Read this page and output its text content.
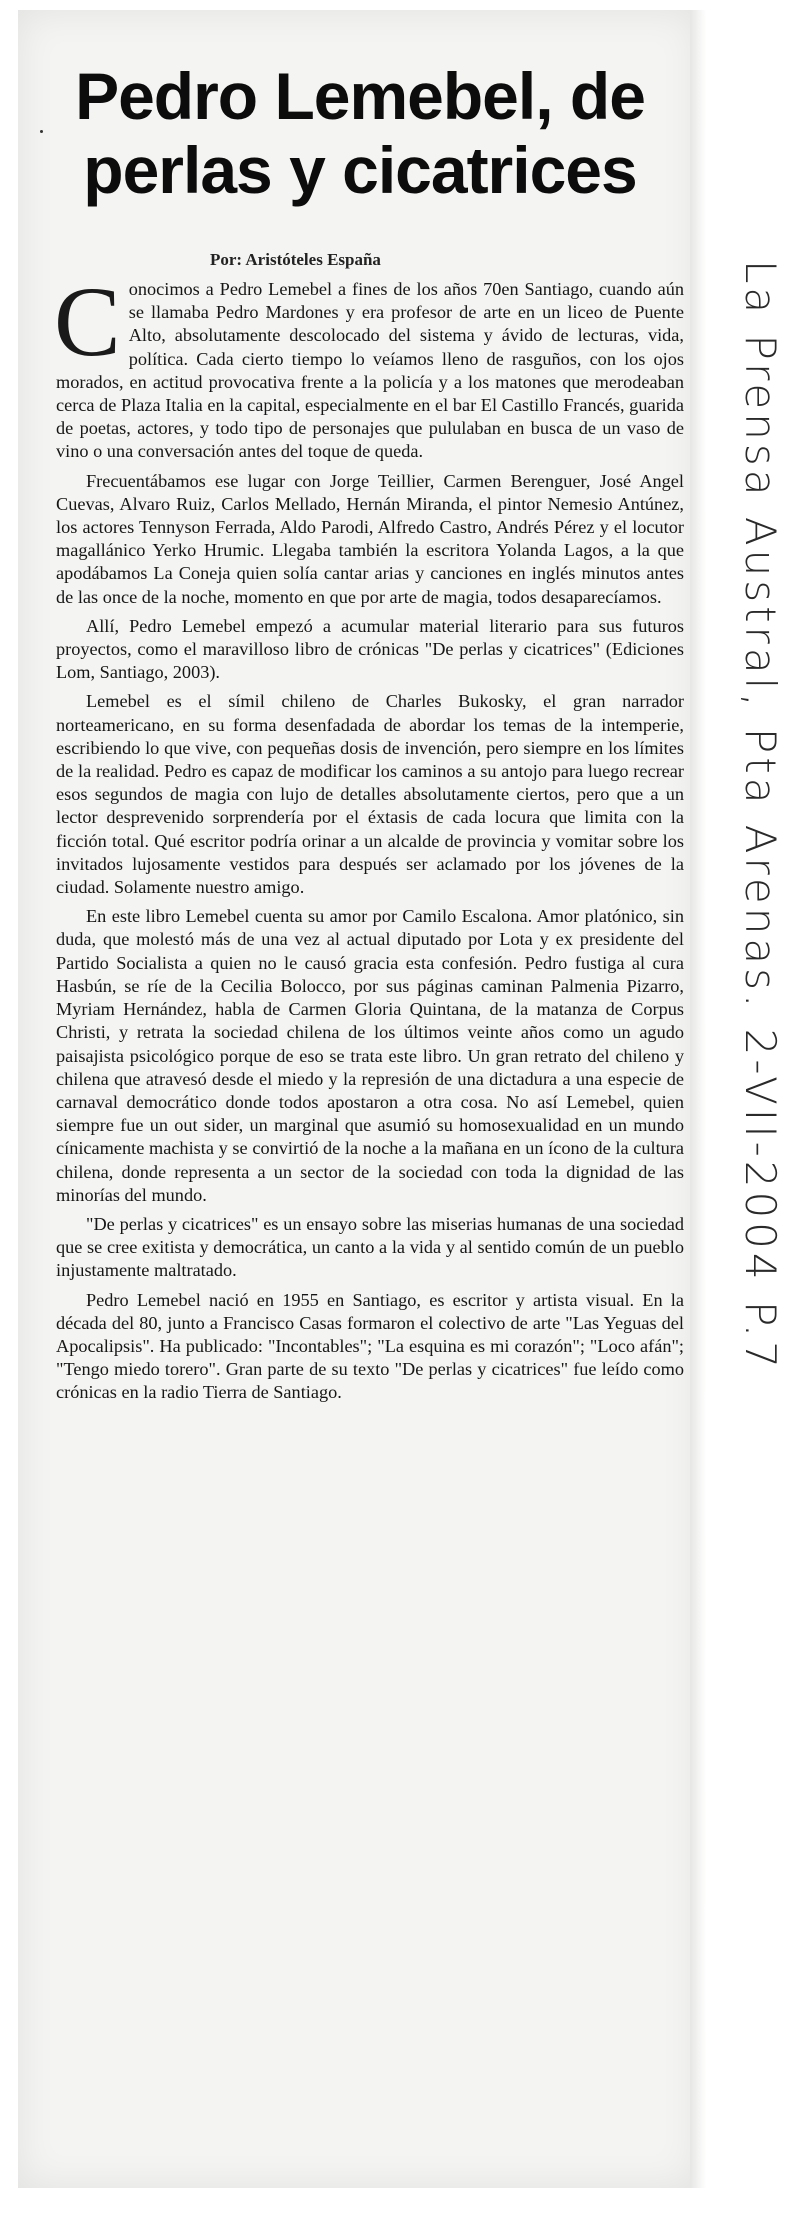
Pedro Lemebel, de perlas y cicatrices

Por: Aristóteles España

Conocimos a Pedro Lemebel a fines de los años 70en Santiago, cuando aún se llamaba Pedro Mardones y era profesor de arte en un liceo de Puente Alto, absolutamente descolocado del sistema y ávido de lecturas, vida, política. Cada cierto tiempo lo veíamos lleno de rasguños, con los ojos morados, en actitud provocativa frente a la policía y a los matones que merodeaban cerca de Plaza Italia en la capital, especialmente en el bar El Castillo Francés, guarida de poetas, actores, y todo tipo de personajes que pululaban en busca de un vaso de vino o una conversación antes del toque de queda.

Frecuentábamos ese lugar con Jorge Teillier, Carmen Berenguer, José Angel Cuevas, Alvaro Ruiz, Carlos Mellado, Hernán Miranda, el pintor Nemesio Antúnez, los actores Tennyson Ferrada, Aldo Parodi, Alfredo Castro, Andrés Pérez y el locutor magallánico Yerko Hrumic. Llegaba también la escritora Yolanda Lagos, a la que apodábamos La Coneja quien solía cantar arias y canciones en inglés minutos antes de las once de la noche, momento en que por arte de magia, todos desaparecíamos.

Allí, Pedro Lemebel empezó a acumular material literario para sus futuros proyectos, como el maravilloso libro de crónicas "De perlas y cicatrices" (Ediciones Lom, Santiago, 2003).

Lemebel es el símil chileno de Charles Bukosky, el gran narrador norteamericano, en su forma desenfadada de abordar los temas de la intemperie, escribiendo lo que vive, con pequeñas dosis de invención, pero siempre en los límites de la realidad. Pedro es capaz de modificar los caminos a su antojo para luego recrear esos segundos de magia con lujo de detalles absolutamente ciertos, pero que a un lector desprevenido sorprendería por el éxtasis de cada locura que limita con la ficción total. Qué escritor podría orinar a un alcalde de provincia y vomitar sobre los invitados lujosamente vestidos para después ser aclamado por los jóvenes de la ciudad. Solamente nuestro amigo.

En este libro Lemebel cuenta su amor por Camilo Escalona. Amor platónico, sin duda, que molestó más de una vez al actual diputado por Lota y ex presidente del Partido Socialista a quien no le causó gracia esta confesión. Pedro fustiga al cura Hasbún, se ríe de la Cecilia Bolocco, por sus páginas caminan Palmenia Pizarro, Myriam Hernández, habla de Carmen Gloria Quintana, de la matanza de Corpus Christi, y retrata la sociedad chilena de los últimos veinte años como un agudo paisajista psicológico porque de eso se trata este libro. Un gran retrato del chileno y chilena que atravesó desde el miedo y la represión de una dictadura a una especie de carnaval democrático donde todos apostaron a otra cosa. No así Lemebel, quien siempre fue un out sider, un marginal que asumió su homosexualidad en un mundo cínicamente machista y se convirtió de la noche a la mañana en un ícono de la cultura chilena, donde representa a un sector de la sociedad con toda la dignidad de las minorías del mundo.

"De perlas y cicatrices" es un ensayo sobre las miserias humanas de una sociedad que se cree exitista y democrática, un canto a la vida y al sentido común de un pueblo injustamente maltratado.

Pedro Lemebel nació en 1955 en Santiago, es escritor y artista visual. En la década del 80, junto a Francisco Casas formaron el colectivo de arte "Las Yeguas del Apocalipsis". Ha publicado: "Incontables"; "La esquina es mi corazón"; "Loco afán"; "Tengo miedo torero". Gran parte de su texto "De perlas y cicatrices" fue leído como crónicas en la radio Tierra de Santiago.

La Prensa Austral, Pta Arenas. 2-VII-2004 P.7
